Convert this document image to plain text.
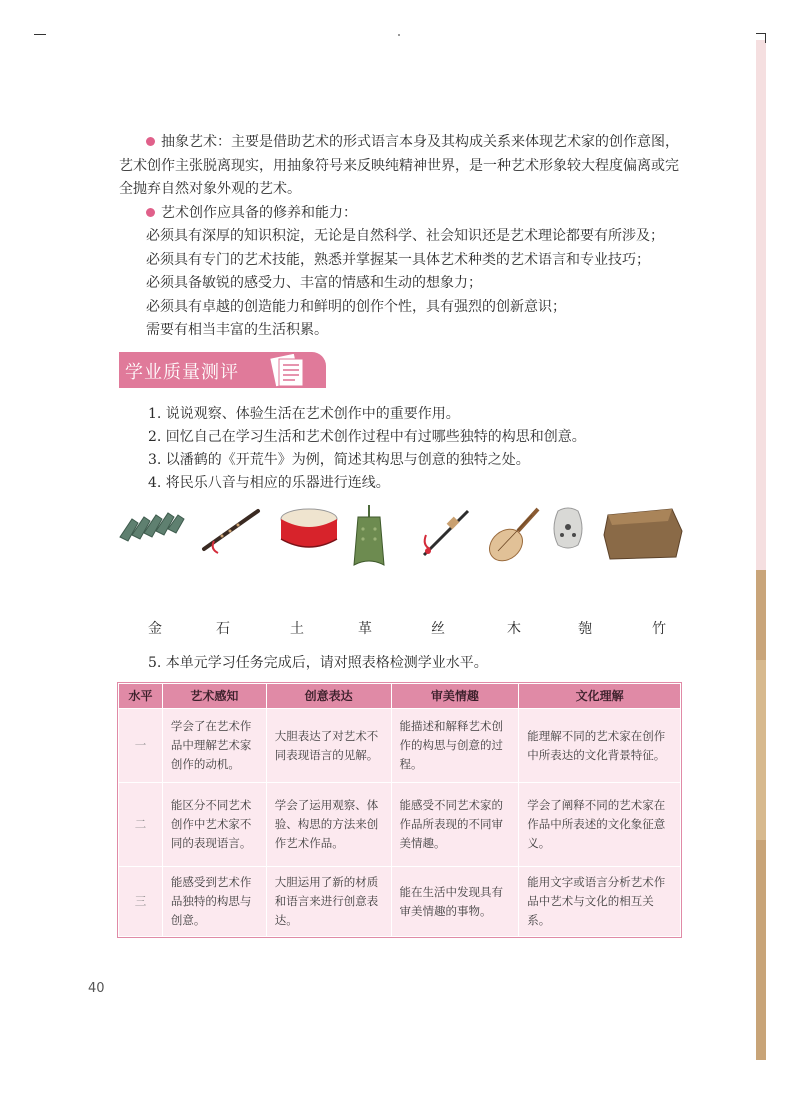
抽象艺术：主要是借助艺术的形式语言本身及其构成关系来体现艺术家的创作意图，艺术创作主张脱离现实，用抽象符号来反映纯精神世界，是一种艺术形象较大程度偏离或完全抛弃自然对象外观的艺术。

艺术创作应具备的修养和能力：

必须具有深厚的知识积淀，无论是自然科学、社会知识还是艺术理论都要有所涉及；

必须具有专门的艺术技能，熟悉并掌握某一具体艺术种类的艺术语言和专业技巧；

必须具备敏锐的感受力、丰富的情感和生动的想象力；

必须具有卓越的创造能力和鲜明的创作个性，具有强烈的创新意识；

需要有相当丰富的生活积累。

学业质量测评

1. 说说观察、体验生活在艺术创作中的重要作用。

2. 回忆自己在学习生活和艺术创作过程中有过哪些独特的构思和创意。

3. 以潘鹤的《开荒牛》为例，简述其构思与创意的独特之处。

4. 将民乐八音与相应的乐器进行连线。

金	石	土	革	丝	木	匏	竹
5. 本单元学习任务完成后，请对照表格检测学业水平。
水平	艺术感知	创意表达	审美情趣	文化理解
一	学会了在艺术作品中理解艺术家创作的动机。	大胆表达了对艺术不同表现语言的见解。	能描述和解释艺术创作的构思与创意的过程。	能理解不同的艺术家在创作中所表达的文化背景特征。
二	能区分不同艺术创作中艺术家不同的表现语言。	学会了运用观察、体验、构思的方法来创作艺术作品。	能感受不同艺术家的作品所表现的不同审美情趣。	学会了阐释不同的艺术家在作品中所表述的文化象征意义。
三	能感受到艺术作品独特的构思与创意。	大胆运用了新的材质和语言来进行创意表达。	能在生活中发现具有审美情趣的事物。	能用文字或语言分析艺术作品中艺术与文化的相互关系。
40
